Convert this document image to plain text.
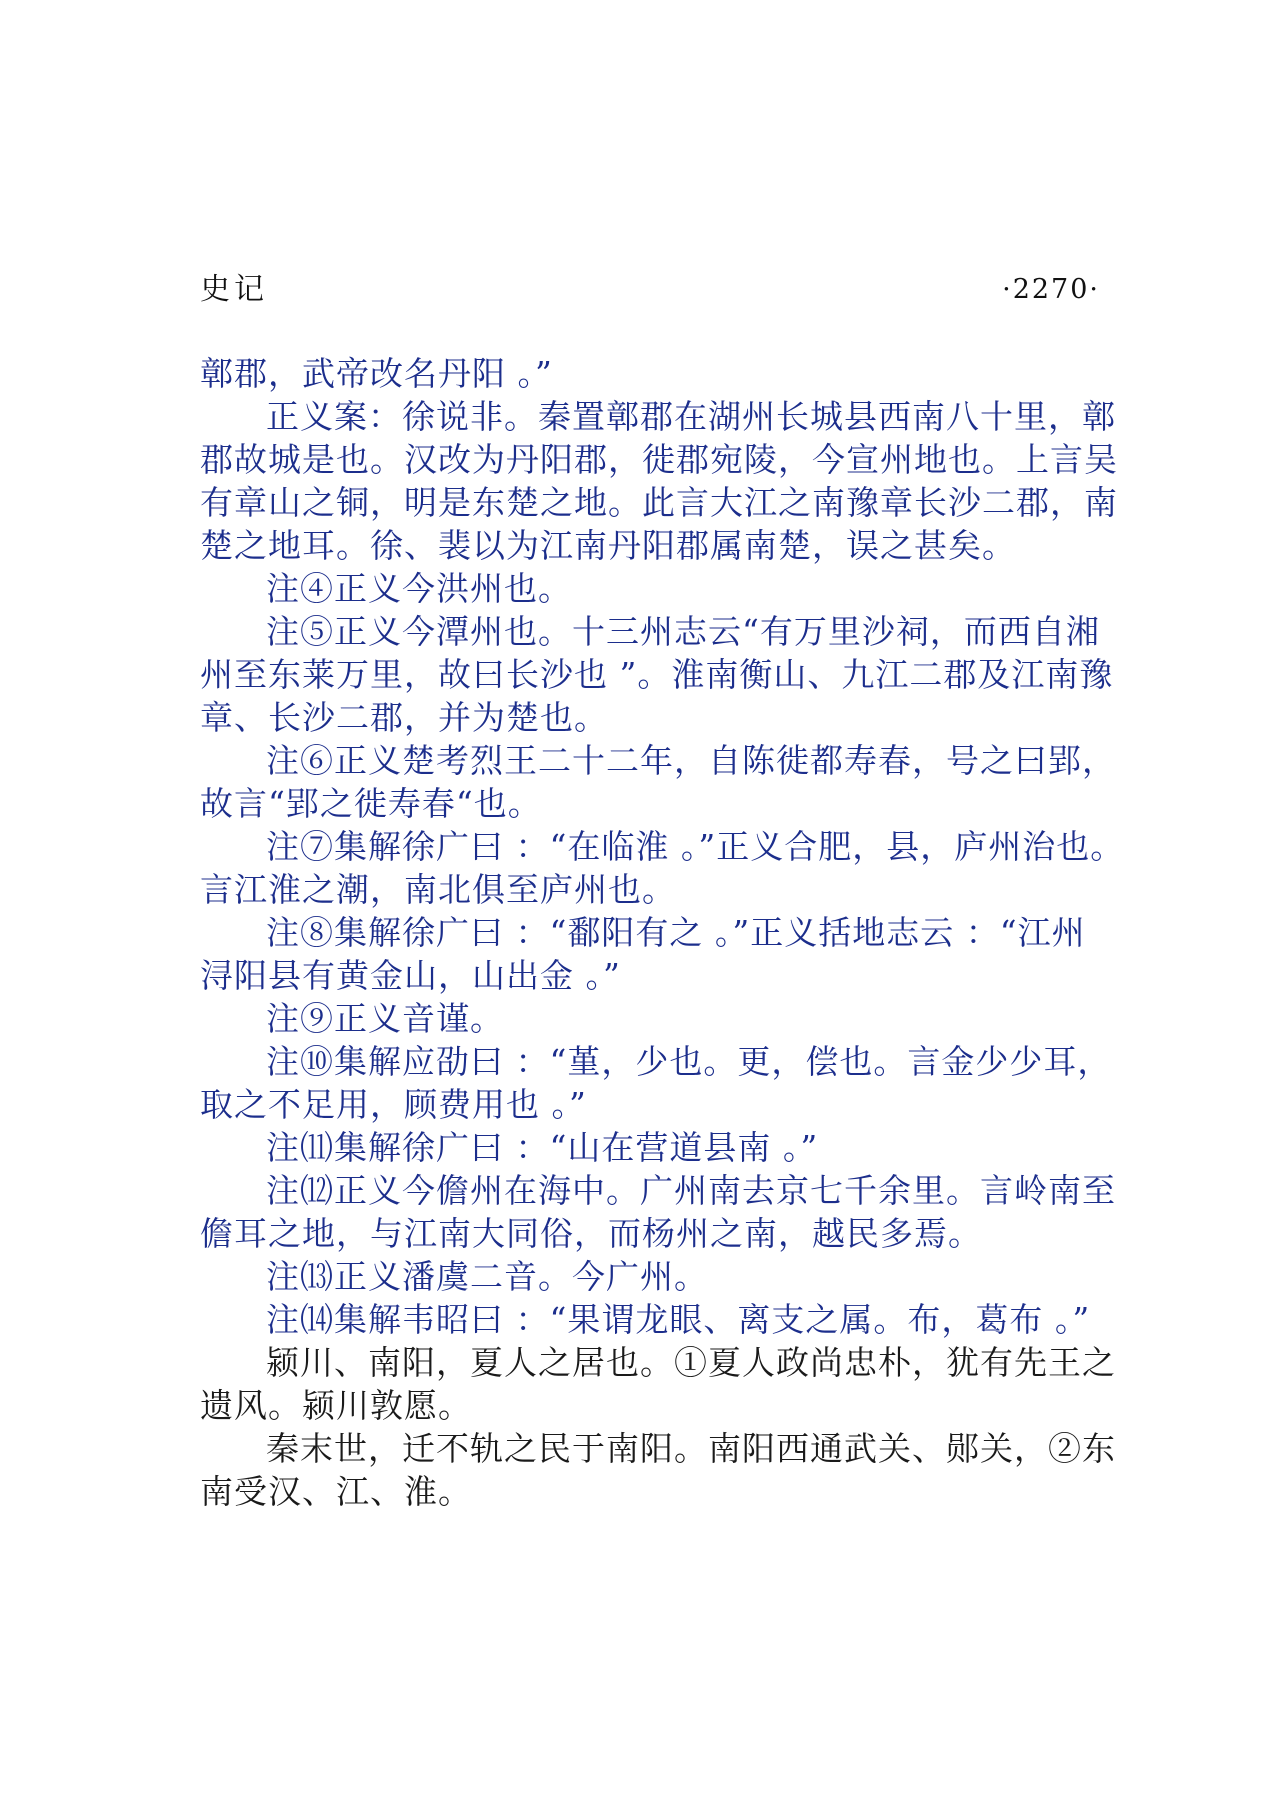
史记	·2270·
鄣郡，武帝改名丹阳 。”
正义案：徐说非。秦置鄣郡在湖州长城县西南八十里，鄣
郡故城是也。汉改为丹阳郡，徙郡宛陵，今宣州地也。上言吴
有章山之铜，明是东楚之地。此言大江之南豫章长沙二郡，南
楚之地耳。徐、裴以为江南丹阳郡属南楚，误之甚矣。
注④正义今洪州也。
注⑤正义今潭州也。十三州志云“有万里沙祠，而西自湘
州至东莱万里，故曰长沙也 ”。淮南衡山、九江二郡及江南豫
章、长沙二郡，并为楚也。
注⑥正义楚考烈王二十二年，自陈徙都寿春，号之曰郢，
故言“郢之徙寿春“也。
注⑦集解徐广曰 ：“在临淮 。”正义合肥，县，庐州治也。
言江淮之潮，南北俱至庐州也。
注⑧集解徐广曰 ：“鄱阳有之 。”正义括地志云 ：“江州
浔阳县有黄金山，山出金 。”
注⑨正义音谨。
注⑩集解应劭曰 ：“堇，少也。更，偿也。言金少少耳，
取之不足用，顾费用也 。”
注⑾集解徐广曰 ：“山在营道县南 。”
注⑿正义今儋州在海中。广州南去京七千余里。言岭南至
儋耳之地，与江南大同俗，而杨州之南，越民多焉。
注⒀正义潘虞二音。今广州。
注⒁集解韦昭曰 ：“果谓龙眼、离支之属。布，葛布 。”
颍川、南阳，夏人之居也。①夏人政尚忠朴，犹有先王之
遗风。颍川敦愿。
秦末世，迁不轨之民于南阳。南阳西通武关、郧关，②东
南受汉、江、淮。
